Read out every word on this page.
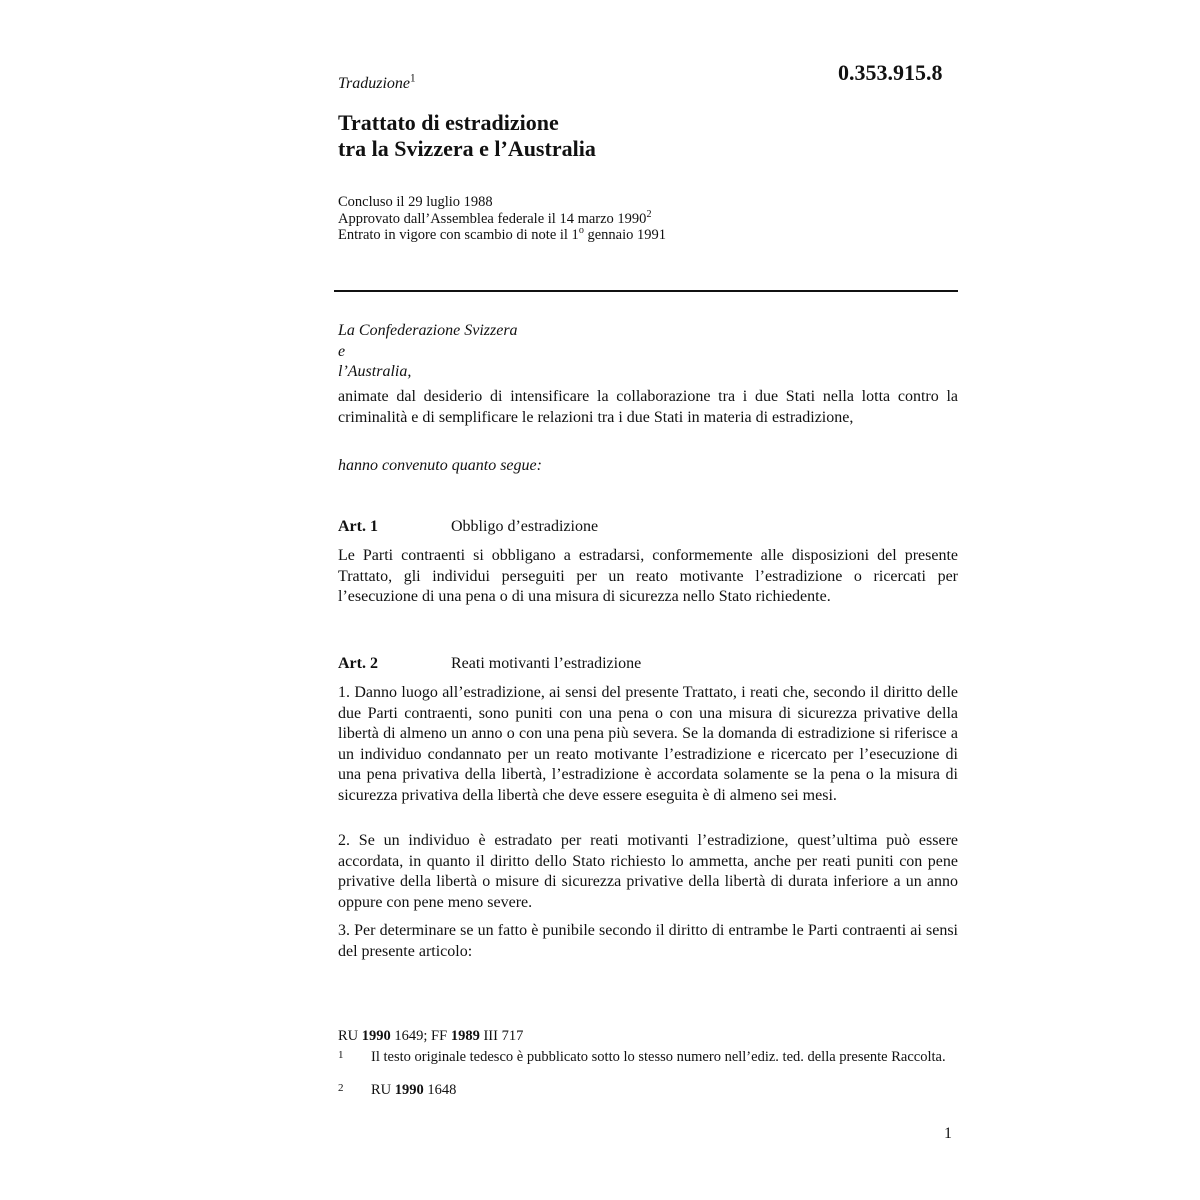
0.353.915.8
Traduzione$^1$
Trattato di estradizione
tra la Svizzera e l’Australia
Concluso il 29 luglio 1988
Approvato dall’Assemblea federale il 14 marzo 1990$^2$
Entrato in vigore con scambio di note il 1$^o$ gennaio 1991
La Confederazione Svizzera
e
l’Australia,

animate dal desiderio di intensificare la collaborazione tra i due Stati nella lotta contro la criminalità e di semplificare le relazioni tra i due Stati in materia di estradizione,

hanno convenuto quanto segue:

Art. 1	Obbligo d’estradizione

Le Parti contraenti si obbligano a estradarsi, conformemente alle disposizioni del presente Trattato, gli individui perseguiti per un reato motivante l’estradizione o ricercati per l’esecuzione di una pena o di una misura di sicurezza nello Stato richiedente.

Art. 2	Reati motivanti l’estradizione

1. Danno luogo all’estradizione, ai sensi del presente Trattato, i reati che, secondo il diritto delle due Parti contraenti, sono puniti con una pena o con una misura di sicurezza privative della libertà di almeno un anno o con una pena più severa. Se la domanda di estradizione si riferisce a un individuo condannato per un reato motivante l’estradizione e ricercato per l’esecuzione di una pena privativa della libertà, l’estradizione è accordata solamente se la pena o la misura di sicurezza privativa della libertà che deve essere eseguita è di almeno sei mesi.

2. Se un individuo è estradato per reati motivanti l’estradizione, quest’ultima può essere accordata, in quanto il diritto dello Stato richiesto lo ammetta, anche per reati puniti con pene privative della libertà o misure di sicurezza privative della libertà di durata inferiore a un anno oppure con pene meno severe.

3. Per determinare se un fatto è punibile secondo il diritto di entrambe le Parti contraenti ai sensi del presente articolo:

RU 1990 1649; FF 1989 III 717
1 Il testo originale tedesco è pubblicato sotto lo stesso numero nell’ediz. ted. della presente Raccolta.
2 RU 1990 1648
1
